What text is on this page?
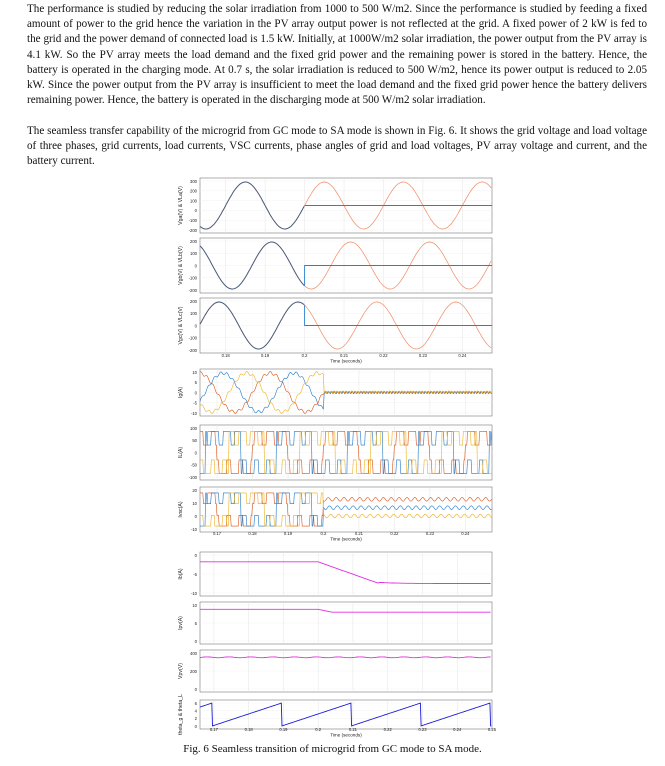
The performance is studied by reducing the solar irradiation from 1000 to 500 W/m2. Since the performance is studied by feeding a fixed amount of power to the grid hence the variation in the PV array output power is not reflected at the grid. A fixed power of 2 kW is fed to the grid and the power demand of connected load is 1.5 kW. Initially, at 1000W/m2 solar irradiation, the power output from the PV array is 4.1 kW. So the PV array meets the load demand and the fixed grid power and the remaining power is stored in the battery. Hence, the battery is operated in the charging mode. At 0.7 s, the solar irradiation is reduced to 500 W/m2, hence its power output is reduced to 2.05 kW. Since the power output from the PV array is insufficient to meet the load demand and the fixed grid power hence the battery delivers remaining power. Hence, the battery is operated in the discharging mode at 500 W/m2 solar irradiation.

The seamless transfer capability of the microgrid from GC mode to SA mode is shown in Fig. 6. It shows the grid voltage and load voltage of three phases, grid currents, load currents, VSC currents, phase angles of grid and load voltages, PV array voltage and current, and the battery current.

300
200
100
0
-100
-200
Vga(V) & VLa(V)
200
100
0
-100
-200
Vgb(V) & VLb(V)
200
100
0
-100
-200
Vgc(V) & VLc(V)
0.18	0.19	0.2	0.21	0.22	0.23	0.24
Time (seconds)
10
5
0
-5
-10
Ig(A)
100
50
0
-50
-100
IL(A)
20
10
0
-10
Ivsc(A)
0.17	0.18	0.19	0.2	0.21	0.22	0.23	0.24
Time (seconds)
0
-5
-10
Ib(A)
10
5
0
Ipv(A)
400
200
0
Vpv(V)
6
4
2
0
theta_g & theta_L	0.17	0.18	0.19	0.2	0.21	0.22	0.23	0.24	0.25
Time (seconds)
Fig. 6 Seamless transition of microgrid from GC mode to SA mode.
